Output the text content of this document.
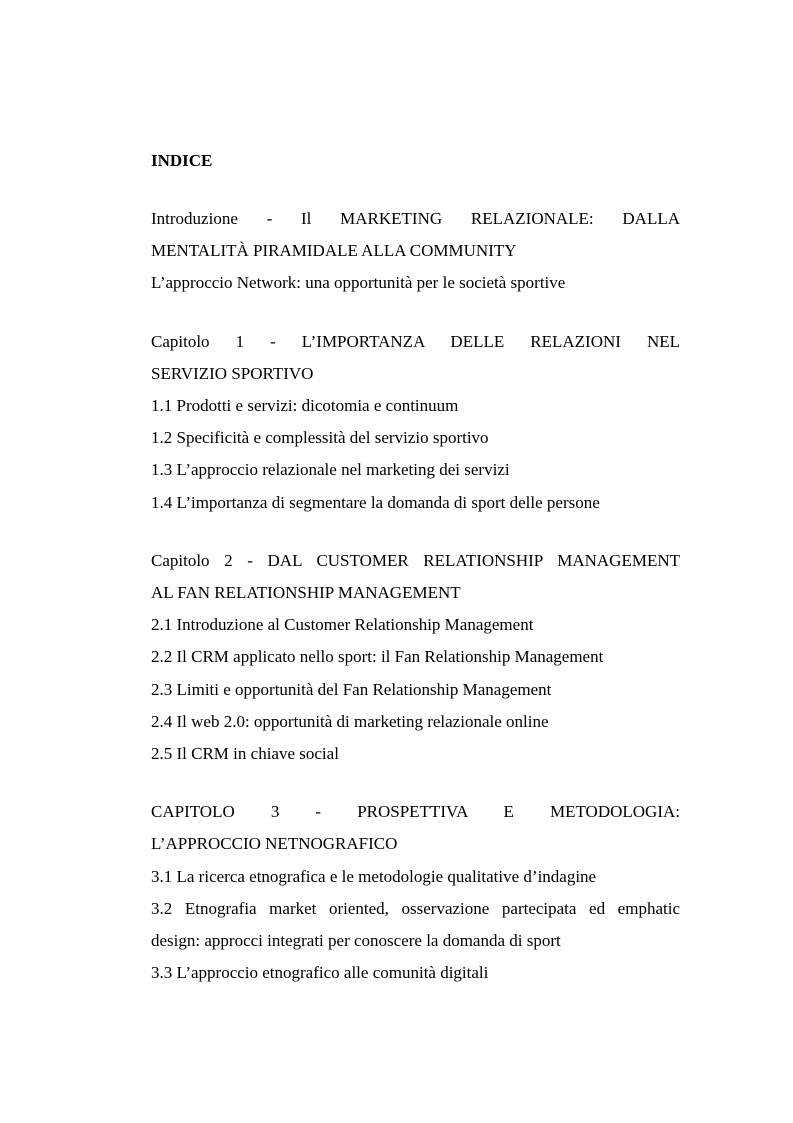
INDICE

Introduzione - Il MARKETING RELAZIONALE: DALLA
MENTALITÀ PIRAMIDALE ALLA COMMUNITY
L’approccio Network: una opportunità per le società sportive
Capitolo 1 - L’IMPORTANZA DELLE RELAZIONI NEL
SERVIZIO SPORTIVO
1.1 Prodotti e servizi: dicotomia e continuum
1.2 Specificità e complessità del servizio sportivo
1.3 L’approccio relazionale nel marketing dei servizi
1.4 L’importanza di segmentare la domanda di sport delle persone
Capitolo 2 - DAL CUSTOMER RELATIONSHIP MANAGEMENT
AL FAN RELATIONSHIP MANAGEMENT
2.1 Introduzione al Customer Relationship Management
2.2 Il CRM applicato nello sport: il Fan Relationship Management
2.3 Limiti e opportunità del Fan Relationship Management
2.4 Il web 2.0: opportunità di marketing relazionale online
2.5 Il CRM in chiave social
CAPITOLO 3 - PROSPETTIVA E METODOLOGIA:
L’APPROCCIO NETNOGRAFICO
3.1 La ricerca etnografica e le metodologie qualitative d’indagine
3.2 Etnografia market oriented, osservazione partecipata ed emphatic
design: approcci integrati per conoscere la domanda di sport
3.3 L’approccio etnografico alle comunità digitali
